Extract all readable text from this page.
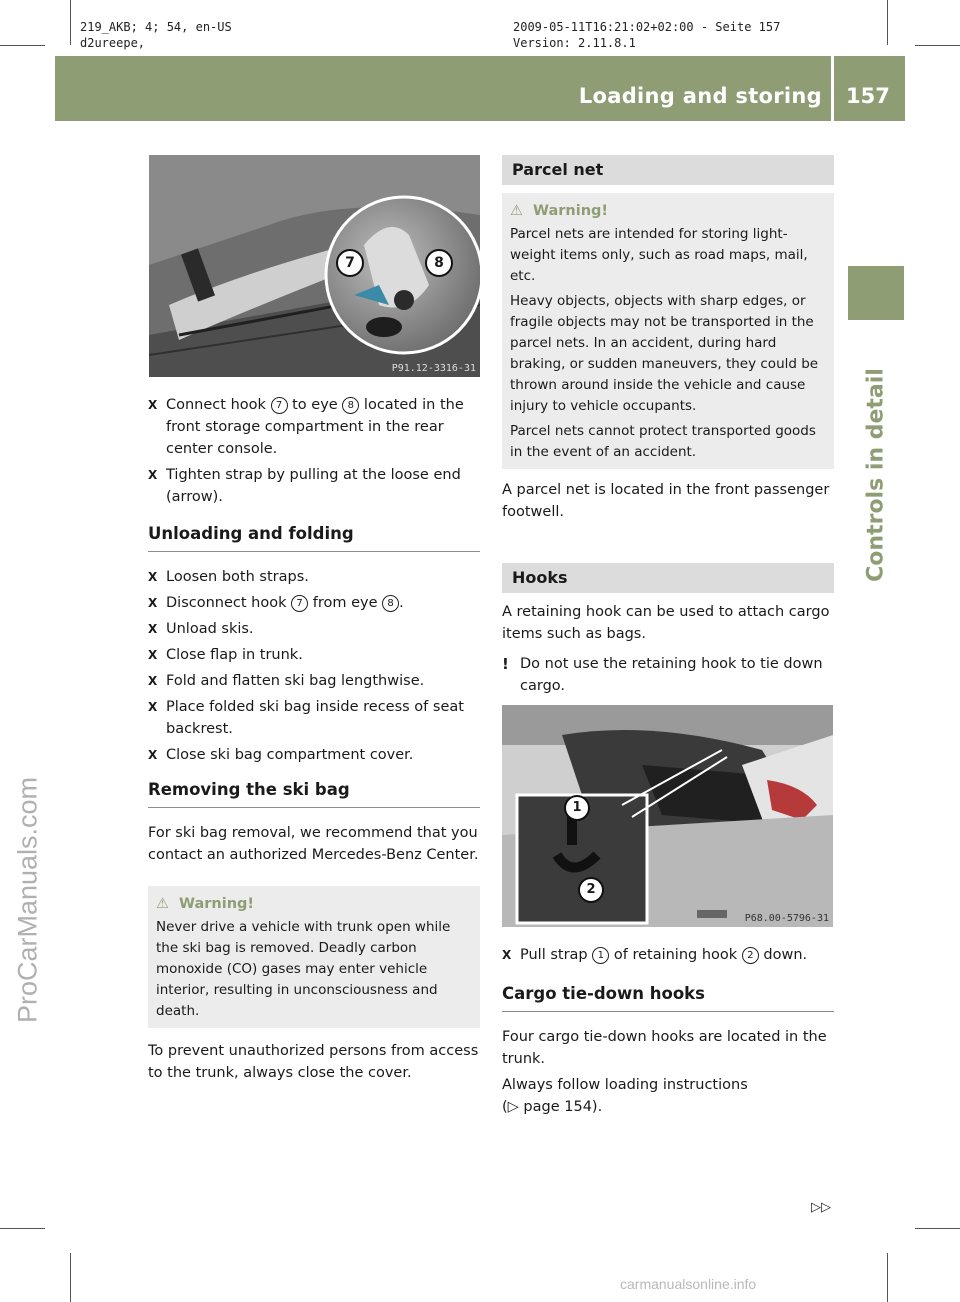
219_AKB; 4; 54, en-US
d2ureepe,
2009-05-11T16:21:02+02:00 - Seite 157
Version: 2.11.8.1
Loading and storing 157
Controls in detail
ProCarManuals.com
carmanualsonline.info
7	8
P91.12-3316-31
X Connect hook 7 to eye 8 located in the front storage compartment in the rear center console.
X Tighten strap by pulling at the loose end (arrow).
Unloading and folding
X Loosen both straps.
X Disconnect hook 7 from eye 8 .
X Unload skis.
X Close flap in trunk.
X Fold and flatten ski bag lengthwise.
X Place folded ski bag inside recess of seat backrest.
X Close ski bag compartment cover.
Removing the ski bag
For ski bag removal, we recommend that you contact an authorized Mercedes-Benz Center.
⚠ Warning!
Never drive a vehicle with trunk open while the ski bag is removed. Deadly carbon monoxide (CO) gases may enter vehicle interior, resulting in unconsciousness and death.
To prevent unauthorized persons from access to the trunk, always close the cover.
Parcel net
⚠ Warning!
Parcel nets are intended for storing light-weight items only, such as road maps, mail, etc.
Heavy objects, objects with sharp edges, or fragile objects may not be transported in the parcel nets. In an accident, during hard braking, or sudden maneuvers, they could be thrown around inside the vehicle and cause injury to vehicle occupants.
Parcel nets cannot protect transported goods in the event of an accident.
A parcel net is located in the front passenger footwell.
Hooks
A retaining hook can be used to attach cargo items such as bags.
! Do not use the retaining hook to tie down cargo.
1
2
P68.00-5796-31
X Pull strap 1 of retaining hook 2 down.
Cargo tie-down hooks
Four cargo tie-down hooks are located in the trunk.
Always follow loading instructions
(▷ page 154).
▷▷
